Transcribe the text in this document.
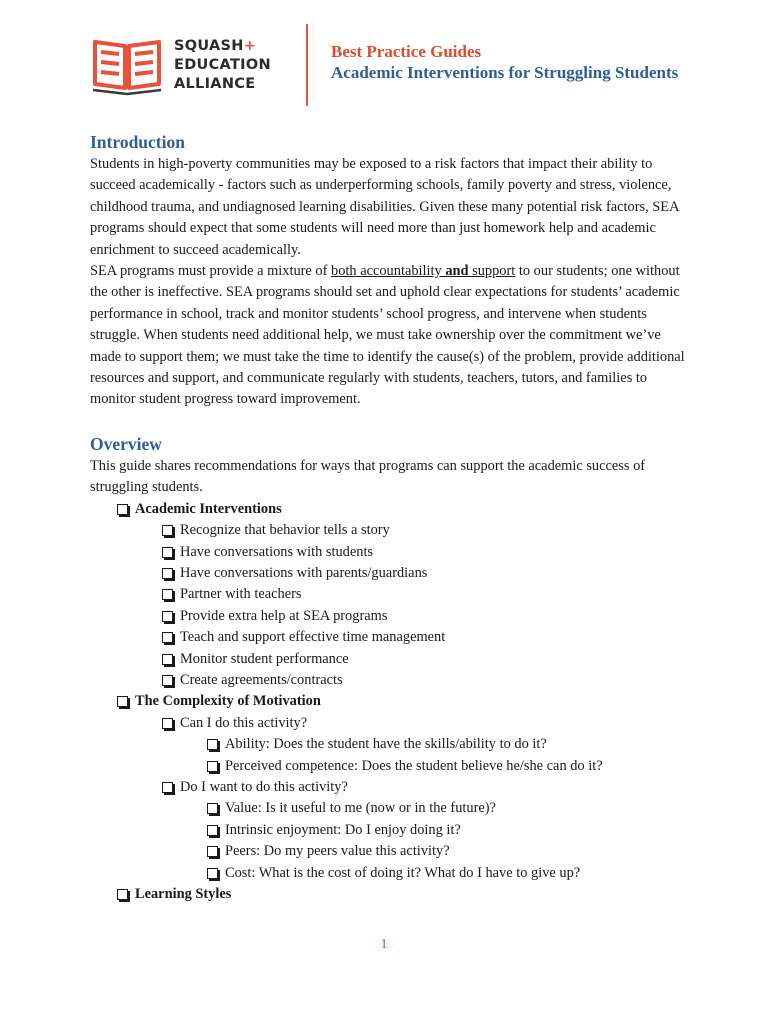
SQUASH+
EDUCATION
ALLIANCE
Best Practice Guides
Academic Interventions for Struggling Students
Introduction

Students in high-poverty communities may be exposed to a risk factors that impact their ability to succeed academically - factors such as underperforming schools, family poverty and stress, violence, childhood trauma, and undiagnosed learning disabilities. Given these many potential risk factors, SEA programs should expect that some students will need more than just homework help and academic enrichment to succeed academically.

SEA programs must provide a mixture of both accountability and support to our students; one without the other is ineffective. SEA programs should set and uphold clear expectations for students’ academic performance in school, track and monitor students’ school progress, and intervene when students struggle. When students need additional help, we must take ownership over the commitment we’ve made to support them; we must take the time to identify the cause(s) of the problem, provide additional resources and support, and communicate regularly with students, teachers, tutors, and families to monitor student progress toward improvement.

Overview

This guide shares recommendations for ways that programs can support the academic success of struggling students.

Academic Interventions
Recognize that behavior tells a story
Have conversations with students
Have conversations with parents/guardians
Partner with teachers
Provide extra help at SEA programs
Teach and support effective time management
Monitor student performance
Create agreements/contracts
The Complexity of Motivation
Can I do this activity?
Ability: Does the student have the skills/ability to do it?
Perceived competence: Does the student believe he/she can do it?
Do I want to do this activity?
Value: Is it useful to me (now or in the future)?
Intrinsic enjoyment: Do I enjoy doing it?
Peers: Do my peers value this activity?
Cost: What is the cost of doing it? What do I have to give up?
Learning Styles
1
